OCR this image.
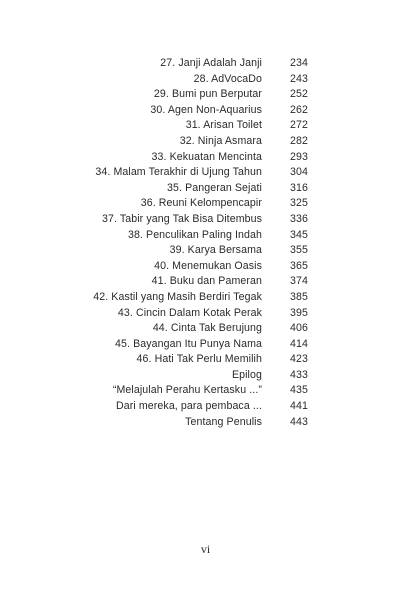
27. Janji Adalah Janji	234
28. AdVocaDo	243
29. Bumi pun Berputar	252
30. Agen Non-Aquarius	262
31. Arisan Toilet	272
32. Ninja Asmara	282
33. Kekuatan Mencinta	293
34. Malam Terakhir di Ujung Tahun	304
35. Pangeran Sejati	316
36. Reuni Kelompencapir	325
37. Tabir yang Tak Bisa Ditembus	336
38. Penculikan Paling Indah	345
39. Karya Bersama	355
40. Menemukan Oasis	365
41. Buku dan Pameran	374
42. Kastil yang Masih Berdiri Tegak	385
43. Cincin Dalam Kotak Perak	395
44. Cinta Tak Berujung	406
45. Bayangan Itu Punya Nama	414
46. Hati Tak Perlu Memilih	423
Epilog	433
“Melajulah Perahu Kertasku ...”	435
Dari mereka, para pembaca ...	441
Tentang Penulis	443
vi
